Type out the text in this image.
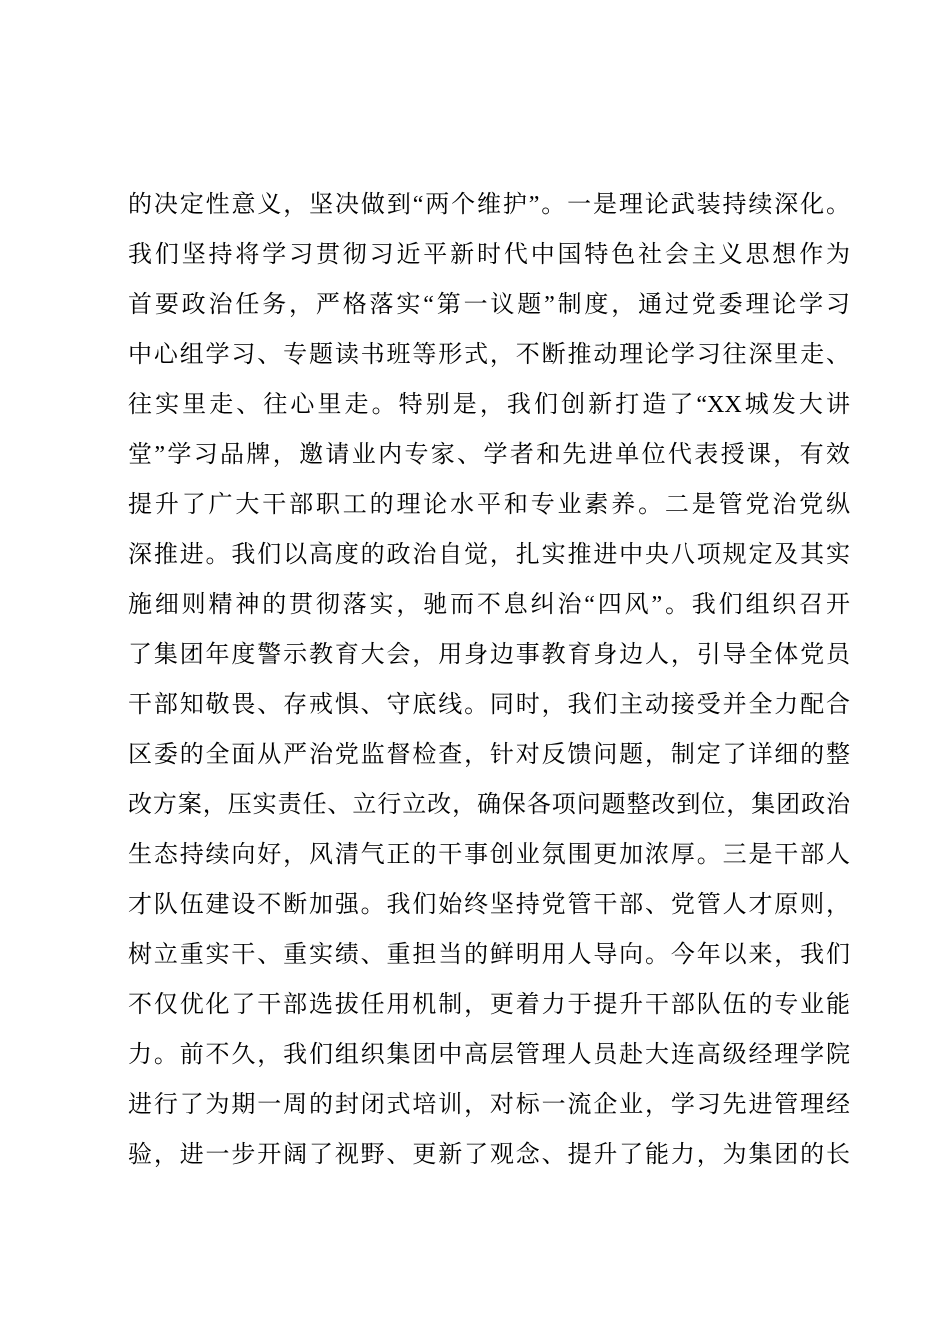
的决定性意义，坚决做到“两个维护”。一是理论武装持续深化。
我们坚持将学习贯彻习近平新时代中国特色社会主义思想作为
首要政治任务，严格落实“第一议题”制度，通过党委理论学习
中心组学习、专题读书班等形式，不断推动理论学习往深里走、
往实里走、往心里走。特别是，我们创新打造了“XX城发大讲
堂”学习品牌，邀请业内专家、学者和先进单位代表授课，有效
提升了广大干部职工的理论水平和专业素养。二是管党治党纵
深推进。我们以高度的政治自觉，扎实推进中央八项规定及其实
施细则精神的贯彻落实，驰而不息纠治“四风”。我们组织召开
了集团年度警示教育大会，用身边事教育身边人，引导全体党员
干部知敬畏、存戒惧、守底线。同时，我们主动接受并全力配合
区委的全面从严治党监督检查，针对反馈问题，制定了详细的整
改方案，压实责任、立行立改，确保各项问题整改到位，集团政治
生态持续向好，风清气正的干事创业氛围更加浓厚。三是干部人
才队伍建设不断加强。我们始终坚持党管干部、党管人才原则，
树立重实干、重实绩、重担当的鲜明用人导向。今年以来，我们
不仅优化了干部选拔任用机制，更着力于提升干部队伍的专业能
力。前不久，我们组织集团中高层管理人员赴大连高级经理学院
进行了为期一周的封闭式培训，对标一流企业，学习先进管理经
验，进一步开阔了视野、更新了观念、提升了能力，为集团的长
